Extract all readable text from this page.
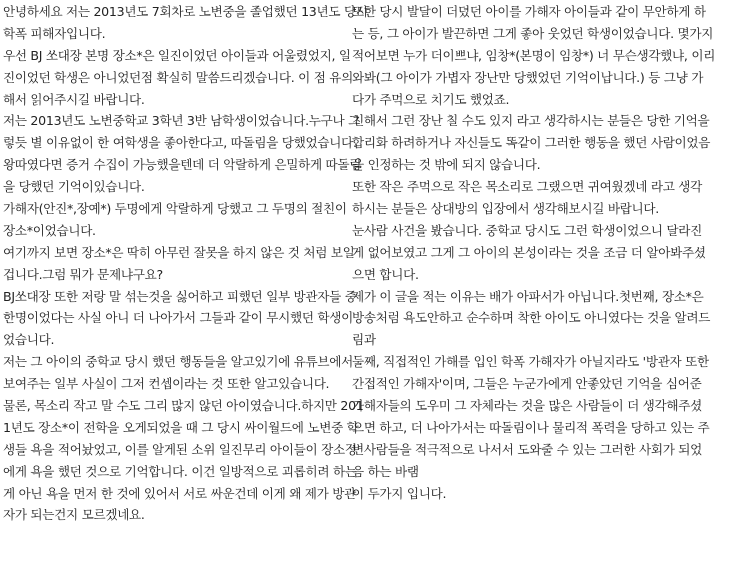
안녕하세요 저는 2013년도 7회차로 노변중을 졸업했던 13년도 당시
학폭 피해자입니다.
우선 BJ 쏘대장 본명 장소*은 일진이었던 아이들과 어울렸었지, 일
진이었던 학생은 아니었던점 확실히 말씀드리겠습니다. 이 점 유의
해서 읽어주시길 바랍니다.
저는 2013년도 노변중학교 3학년 3반 남학생이었습니다.누구나 그
렇듯 별 이유없이 한 여학생을 좋아한다고, 따돌림을 당했었습니다.
왕따였다면 증거 수집이 가능했을텐데 더 악랄하게 은밀하게 따돌림
을 당했던 기억이있습니다.
가해자(안진*,장예*) 두명에게 악랄하게 당했고 그 두명의 절친이
장소*이었습니다.
여기까지 보면 장소*은 딱히 아무런 잘못을 하지 않은 것 처럼 보일
겁니다.그럼 뭐가 문제냐구요?
BJ쏘대장 또한 저랑 말 섞는것을 싫어하고 피했던 일부 방관자들 중
한명이었다는 사실 아니 더 나아가서 그들과 같이 무시했던 학생이
었습니다.
저는 그 아이의 중학교 당시 했던 행동들을 알고있기에 유튜브에서
보여주는 일부 사실이 그저 컨셉이라는 것 또한 알고있습니다.
물론, 목소리 작고 말 수도 그리 많지 않던 아이였습니다.하지만 201
1년도 장소*이 전학을 오게되었을 때 그 당시 싸이월드에 노변중 학
생들 욕을 적어놨었고, 이를 알게된 소위 일진무리 아이들이 장소정
에게 욕을 했던 것으로 기억합니다. 이건 일방적으로 괴롭히려 하는
게 아닌 욕을 먼저 한 것에 있어서 서로 싸운건데 이게 왜 제가 방관
자가 되는건지 모르겠네요.
또한 당시 발달이 더뎠던 아이를 가해자 아이들과 같이 무안하게 하
는 등, 그 아이가 발끈하면 그게 좋아 웃었던 학생이었습니다. 몇가지
적어보면 누가 더이쁘냐, 임창*(본명이 임창*) 너 무슨생각했냐, 이리
와봐(그 아이가 가볍자 장난만 당했었던 기억이납니다.) 등 그냥 가
다가 주먹으로 치기도 했었죠.
친해서 그런 장난 칠 수도 있지 라고 생각하시는 분들은 당한 기억을
합리화 하려하거나 자신들도 똑같이 그러한 행동을 했던 사람이었음
을 인정하는 것 밖에 되지 않습니다.
또한 작은 주먹으로 작은 목소리로 그랬으면 귀여웠겠네 라고 생각
하시는 분들은 상대방의 입장에서 생각해보시길 바랍니다.
눈사람 사건을 봤습니다. 중학교 당시도 그런 학생이었으니 달라진
게 없어보였고 그게 그 아이의 본성이라는 것을 조금 더 알아봐주셨
으면 합니다.
제가 이 글을 적는 이유는 배가 아파서가 아닙니다.첫번째, 장소*은
방송처럼 욕도안하고 순수하며 착한 아이도 아니였다는 것을 알려드
림과
둘째, 직접적인 가해를 입인 학폭 가해자가 아닐지라도 '방관자 또한
간접적인 가해자'이며, 그들은 누군가에게 안좋았던 기억을 심어준
가해자들의 도우미 그 자체라는 것을 많은 사람들이 더 생각해주셨
으면 하고, 더 나아가서는 따돌림이나 물리적 폭력을 당하고 있는 주
변사람들을 적극적으로 나서서 도와줄 수 있는 그러한 사회가 되었
음 하는 바램
이 두가지 입니다.
